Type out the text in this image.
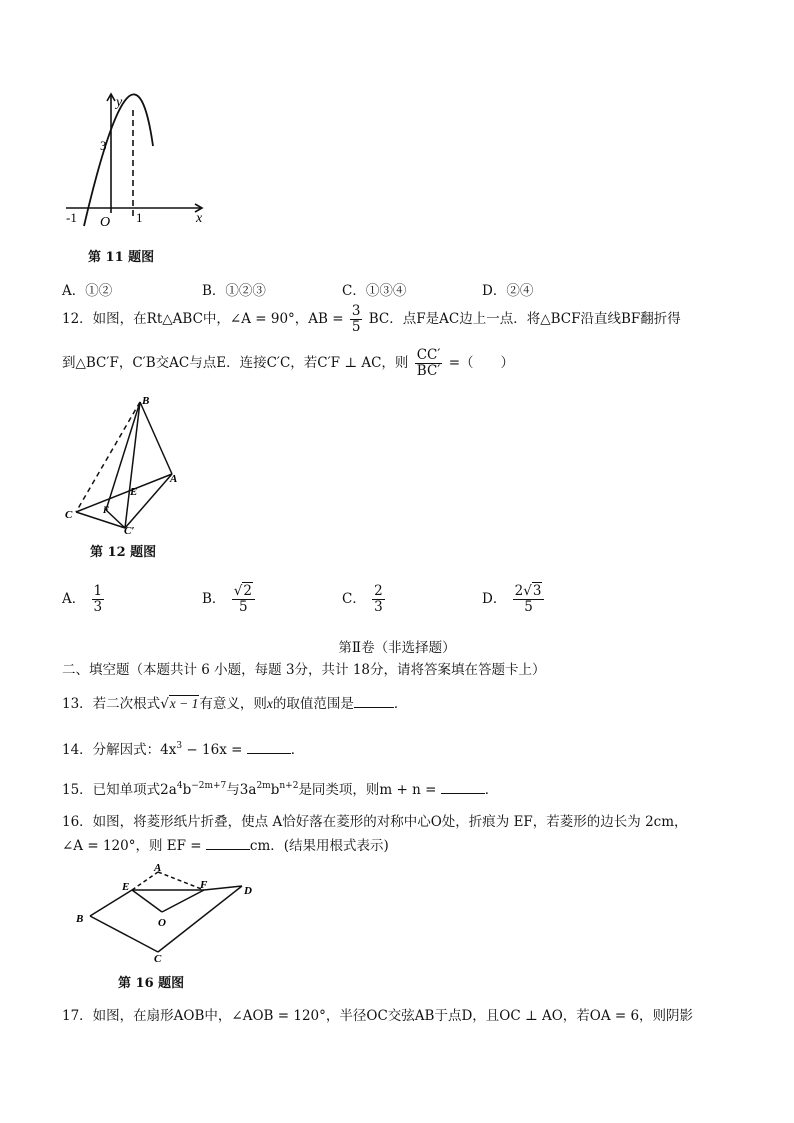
y
x
3
-1 O 1
第 11 题图
A．①②	B．①②③	C．①③④	D．②④
12．如图，在Rt△ABC中，∠A = 90°，AB = $\frac{3}{5}$ BC．点F是AC边上一点．将△BCF沿直线BF翻折得
到△BC′F，C′B交AC与点E．连接C′C，若C′F ⊥ AC，则 $\frac{CC'}{BC'}$ =（　　）
B
A
E
C	F
C′
第 12 题图
A． $\frac{1}{3}$	B． $\frac{√2}{5}$	C． $\frac{2}{3}$	D． $\frac{2√3}{5}$
第Ⅱ卷（非选择题）
二、填空题（本题共计 6 小题，每题 3分，共计 18分，请将答案填在答题卡上）
13．若二次根式√x − 1有意义，则x的取值范围是	．
14．分解因式：$4x^3 - 16x$ =	．
15．已知单项式$2a^4b^{-2m+7}$与$3a^{2m}b^{n+2}$是同类项，则m + n =	．
16．如图，将菱形纸片折叠，使点 A恰好落在菱形的对称中心O处，折痕为 EF，若菱形的边长为 2cm，
∠A = 120°，则 EF =	cm．(结果用根式表示)
A
E	F
B	O
D
C
第 16 题图
17．如图，在扇形AOB中，∠AOB = 120°，半径OC交弦AB于点D，且OC ⊥ AO，若OA = 6，则阴影
